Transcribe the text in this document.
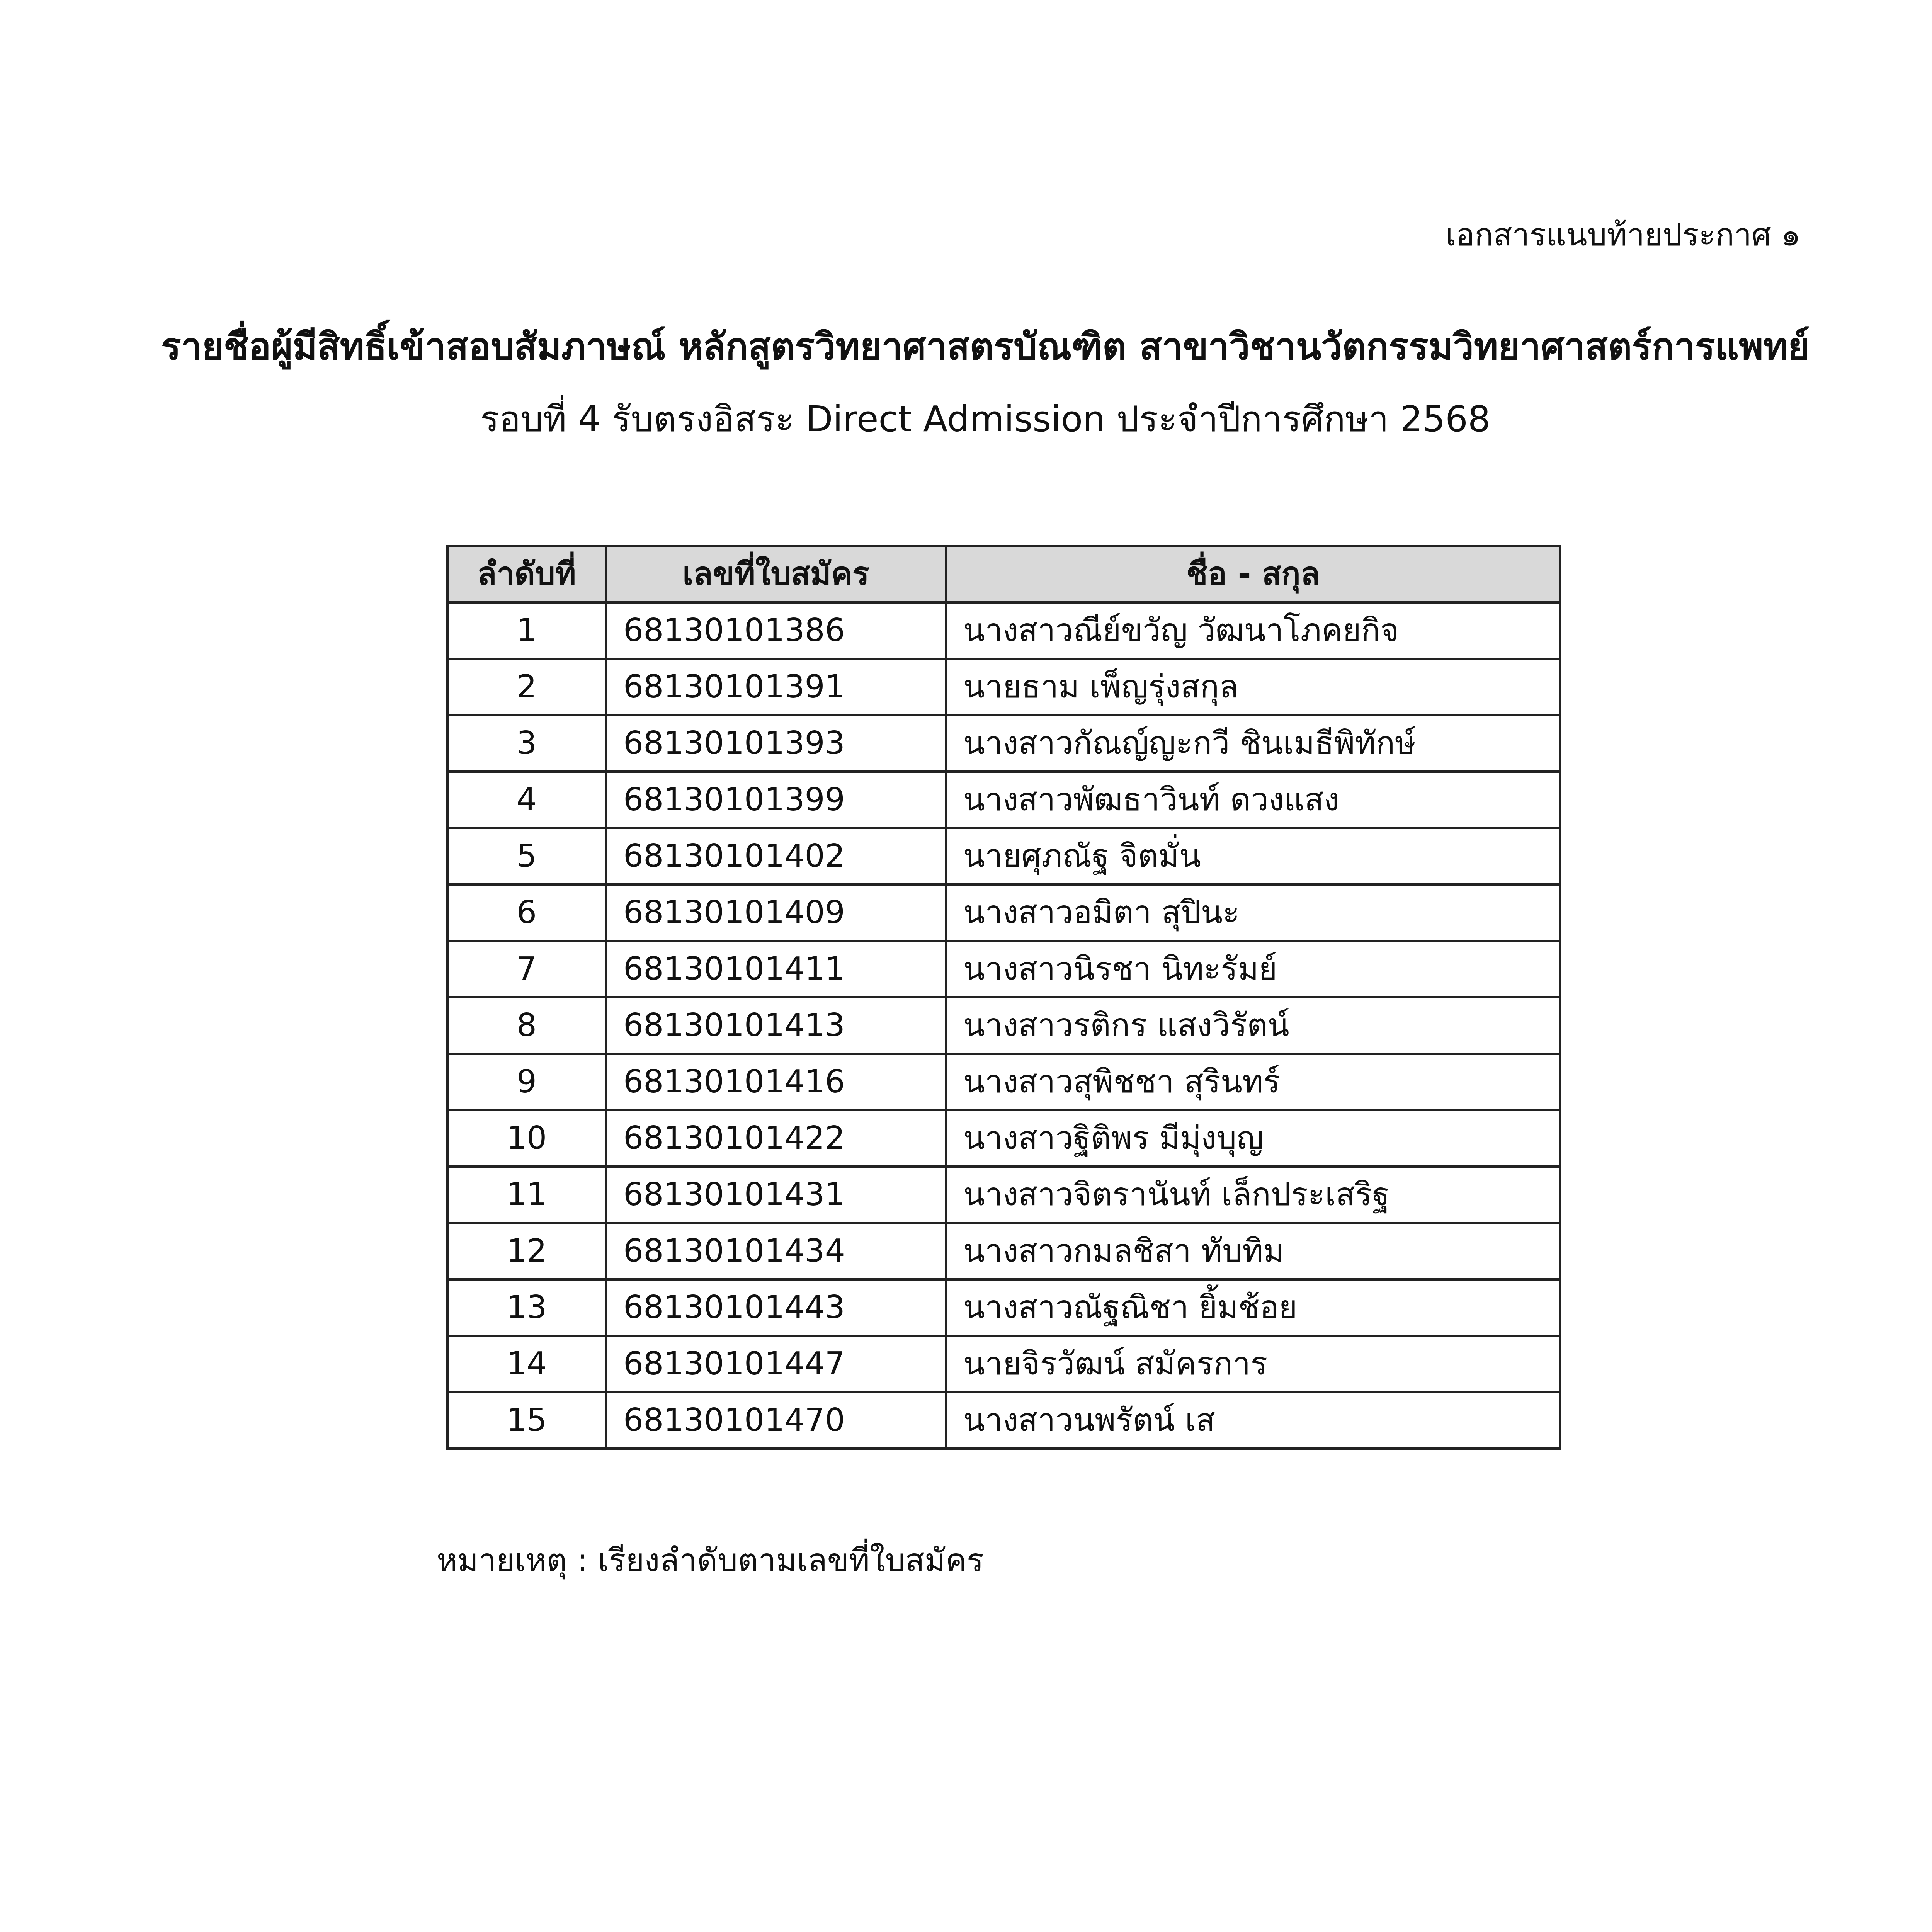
เอกสารแนบท้ายประกาศ ๑
รายชื่อผู้มีสิทธิ์เข้าสอบสัมภาษณ์ หลักสูตรวิทยาศาสตรบัณฑิต สาขาวิชานวัตกรรมวิทยาศาสตร์การแพทย์
รอบที่ 4 รับตรงอิสระ Direct Admission ประจำปีการศึกษา 2568
ลำดับที่	เลขที่ใบสมัคร	ชื่อ - สกุล
1	68130101386	นางสาวณีย์ขวัญ วัฒนาโภคยกิจ
2	68130101391	นายธาม เพ็ญรุ่งสกุล
3	68130101393	นางสาวกัณญ์ญะกวี ชินเมธีพิทักษ์
4	68130101399	นางสาวพัฒธาวินท์ ดวงแสง
5	68130101402	นายศุภณัฐ จิตมั่น
6	68130101409	นางสาวอมิตา สุปินะ
7	68130101411	นางสาวนิรชา นิทะรัมย์
8	68130101413	นางสาวรติกร แสงวิรัตน์
9	68130101416	นางสาวสุพิชชา สุรินทร์
10	68130101422	นางสาวฐิติพร มีมุ่งบุญ
11	68130101431	นางสาวจิตรานันท์ เล็กประเสริฐ
12	68130101434	นางสาวกมลชิสา ทับทิม
13	68130101443	นางสาวณัฐณิชา ยิ้มช้อย
14	68130101447	นายจิรวัฒน์ สมัครการ
15	68130101470	นางสาวนพรัตน์ เส
หมายเหตุ : เรียงลำดับตามเลขที่ใบสมัคร
